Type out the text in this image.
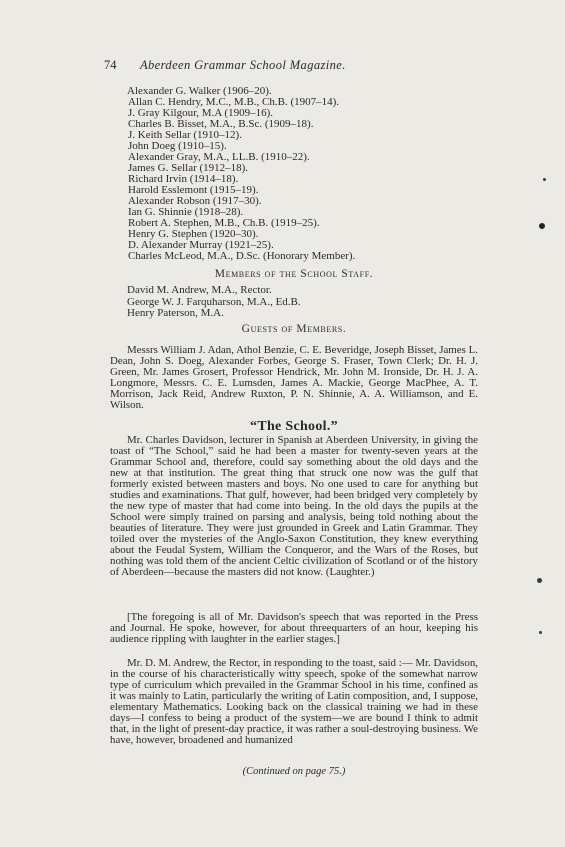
74	Aberdeen Grammar School Magazine.
Alexander G. Walker (1906–20).
Allan C. Hendry, M.C., M.B., Ch.B. (1907–14).
J. Gray Kilgour, M.A (1909–16).
Charles B. Bisset, M.A., B.Sc. (1909–18).
J. Keith Sellar (1910–12).
John Doeg (1910–15).
Alexander Gray, M.A., LL.B. (1910–22).
James G. Sellar (1912–18).
Richard Irvin (1914–18).
Harold Esslemont (1915–19).
Alexander Robson (1917–30).
Ian G. Shinnie (1918–28).
Robert A. Stephen, M.B., Ch.B. (1919–25).
Henry G. Stephen (1920–30).
D. Alexander Murray (1921–25).
Charles McLeod, M.A., D.Sc. (Honorary Member).
Members of the School Staff.
David M. Andrew, M.A., Rector.
George W. J. Farquharson, M.A., Ed.B.
Henry Paterson, M.A.
Guests of Members.
Messrs William J. Adan, Athol Benzie, C. E. Beveridge, Joseph Bisset, James L. Dean, John S. Doeg, Alexander Forbes, George S. Fraser, Town Clerk; Dr. H. J. Green, Mr. James Grosert, Professor Hendrick, Mr. John M. Ironside, Dr. H. J. A. Longmore, Messrs. C. E. Lumsden, James A. Mackie, George MacPhee, A. T. Morrison, Jack Reid, Andrew Ruxton, P. N. Shinnie, A. A. Williamson, and E. Wilson.
“The School.”
Mr. Charles Davidson, lecturer in Spanish at Aberdeen University, in giving the toast of “The School,” said he had been a master for twenty-seven years at the Grammar School and, therefore, could say something about the old days and the new at that institution. The great thing that struck one now was the gulf that formerly existed between masters and boys. No one used to care for anything but studies and examinations. That gulf, however, had been bridged very completely by the new type of master that had come into being. In the old days the pupils at the School were simply trained on parsing and analysis, being told nothing about the beauties of literature. They were just grounded in Greek and Latin Grammar. They toiled over the mysteries of the Anglo-Saxon Constitution, they knew everything about the Feudal System, William the Conqueror, and the Wars of the Roses, but nothing was told them of the ancient Celtic civilization of Scotland or of the history of Aberdeen—because the masters did not know. (Laughter.)
[The foregoing is all of Mr. Davidson's speech that was reported in the Press and Journal. He spoke, however, for about threequarters of an hour, keeping his audience rippling with laughter in the earlier stages.]
Mr. D. M. Andrew, the Rector, in responding to the toast, said :— Mr. Davidson, in the course of his characteristically witty speech, spoke of the somewhat narrow type of curriculum which prevailed in the Grammar School in his time, confined as it was mainly to Latin, particularly the writing of Latin composition, and, I suppose, elementary Mathematics. Looking back on the classical training we had in these days—I confess to being a product of the system—we are bound I think to admit that, in the light of present-day practice, it was rather a soul-destroying business. We have, however, broadened and humanized
(Continued on page 75.)
